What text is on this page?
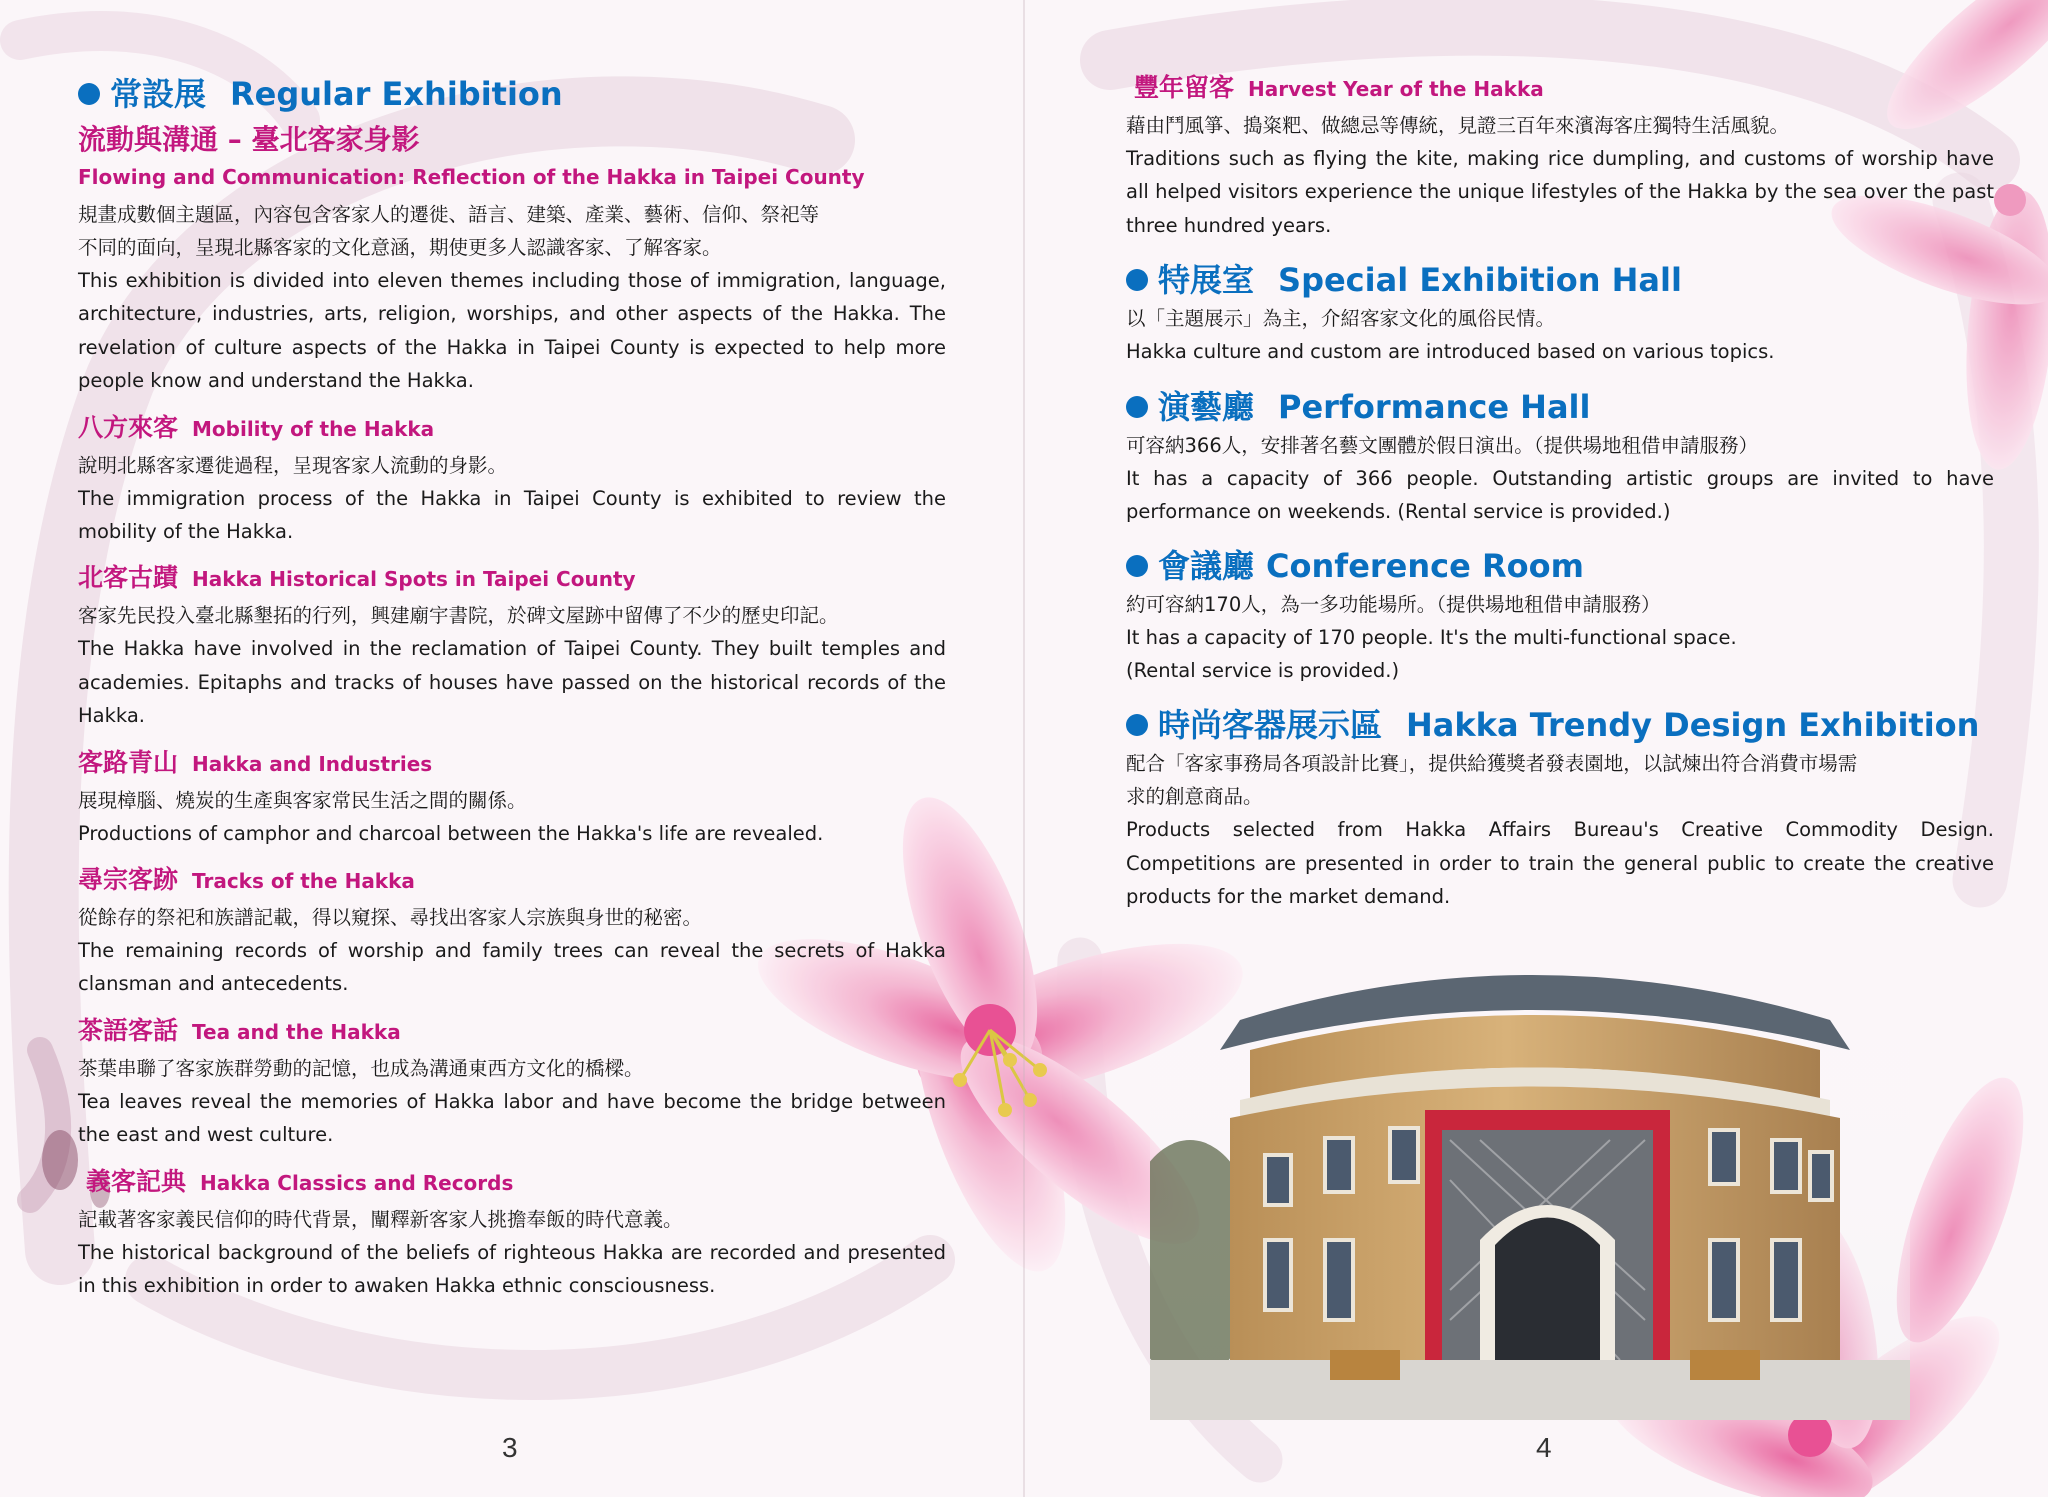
常設展 Regular Exhibition
流動與溝通 – 臺北客家身影
Flowing and Communication: Reflection of the Hakka in Taipei County
規畫成數個主題區，內容包含客家人的遷徙、語言、建築、產業、藝術、信仰、祭祀等
不同的面向，呈現北縣客家的文化意涵，期使更多人認識客家、了解客家。
This exhibition is divided into eleven themes including those of immigration, language, architecture, industries, arts, religion, worships, and other aspects of the Hakka. The revelation of culture aspects of the Hakka in Taipei County is expected to help more people know and understand the Hakka.
八方來客 Mobility of the Hakka
說明北縣客家遷徙過程，呈現客家人流動的身影。
The immigration process of the Hakka in Taipei County is exhibited to review the mobility of the Hakka.
北客古蹟 Hakka Historical Spots in Taipei County
客家先民投入臺北縣墾拓的行列，興建廟宇書院，於碑文屋跡中留傳了不少的歷史印記。
The Hakka have involved in the reclamation of Taipei County. They built temples and academies. Epitaphs and tracks of houses have passed on the historical records of the Hakka.
客路青山 Hakka and Industries
展現樟腦、燒炭的生產與客家常民生活之間的關係。
Productions of camphor and charcoal between the Hakka's life are revealed.
尋宗客跡 Tracks of the Hakka
從餘存的祭祀和族譜記載，得以窺探、尋找出客家人宗族與身世的秘密。
The remaining records of worship and family trees can reveal the secrets of Hakka clansman and antecedents.
茶語客話 Tea and the Hakka
茶葉串聯了客家族群勞動的記憶，也成為溝通東西方文化的橋樑。
Tea leaves reveal the memories of Hakka labor and have become the bridge between the east and west culture.
義客記典 Hakka Classics and Records
記載著客家義民信仰的時代背景，闡釋新客家人挑擔奉飯的時代意義。
The historical background of the beliefs of righteous Hakka are recorded and presented in this exhibition in order to awaken Hakka ethnic consciousness.
3
豐年留客 Harvest Year of the Hakka
藉由鬥風箏、搗粢粑、做總忌等傳統，見證三百年來濱海客庄獨特生活風貌。
Traditions such as flying the kite, making rice dumpling, and customs of worship have all helped visitors experience the unique lifestyles of the Hakka by the sea over the past three hundred years.
特展室 Special Exhibition Hall
以「主題展示」為主，介紹客家文化的風俗民情。
Hakka culture and custom are introduced based on various topics.
演藝廳 Performance Hall
可容納366人，安排著名藝文團體於假日演出。（提供場地租借申請服務）
It has a capacity of 366 people. Outstanding artistic groups are invited to have performance on weekends. (Rental service is provided.)
會議廳 Conference Room
約可容納170人，為一多功能場所。（提供場地租借申請服務）
It has a capacity of 170 people. It's the multi-functional space.
(Rental service is provided.)
時尚客器展示區 Hakka Trendy Design Exhibition
配合「客家事務局各項設計比賽」，提供給獲獎者發表園地，以試煉出符合消費市場需
求的創意商品。
Products selected from Hakka Affairs Bureau's Creative Commodity Design. Competitions are presented in order to train the general public to create the creative products for the market demand.
4
